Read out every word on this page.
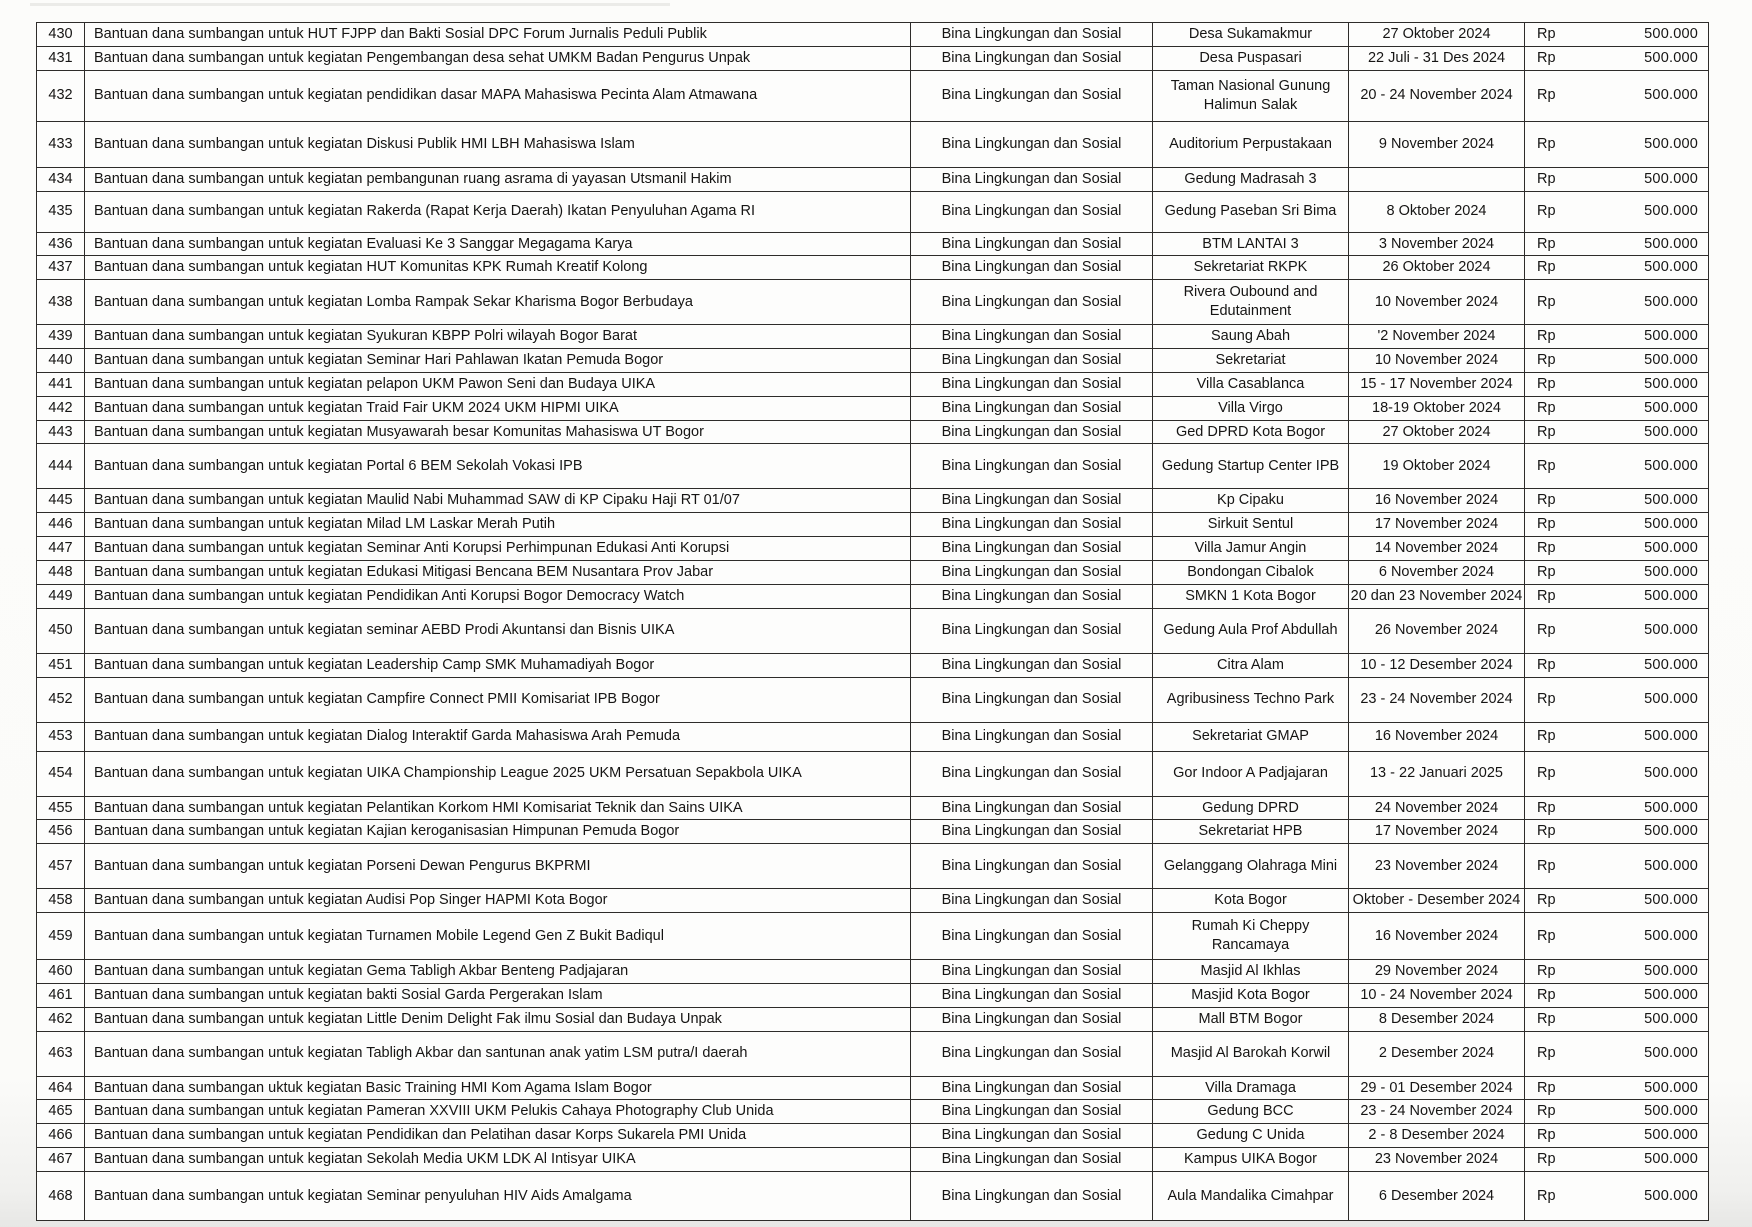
430	Bantuan dana sumbangan untuk HUT FJPP dan Bakti Sosial DPC Forum Jurnalis Peduli Publik	Bina Lingkungan dan Sosial	Desa Sukamakmur	27 Oktober 2024	Rp 500.000

431	Bantuan dana sumbangan untuk kegiatan Pengembangan desa sehat UMKM Badan Pengurus Unpak	Bina Lingkungan dan Sosial	Desa Puspasari	22 Juli - 31 Des 2024	Rp 500.000

432	Bantuan dana sumbangan untuk kegiatan pendidikan dasar MAPA Mahasiswa Pecinta Alam Atmawana	Bina Lingkungan dan Sosial	Taman Nasional Gunung Halimun Salak	20 - 24 November 2024	Rp 500.000

433	Bantuan dana sumbangan untuk kegiatan Diskusi Publik HMI LBH Mahasiswa Islam	Bina Lingkungan dan Sosial	Auditorium Perpustakaan	9 November 2024	Rp 500.000

434	Bantuan dana sumbangan untuk kegiatan pembangunan ruang asrama di yayasan Utsmanil Hakim	Bina Lingkungan dan Sosial	Gedung Madrasah 3		Rp 500.000

435	Bantuan dana sumbangan untuk kegiatan Rakerda (Rapat Kerja Daerah) Ikatan Penyuluhan Agama RI	Bina Lingkungan dan Sosial	Gedung Paseban Sri Bima	8 Oktober 2024	Rp 500.000

436	Bantuan dana sumbangan untuk kegiatan Evaluasi Ke 3 Sanggar Megagama Karya	Bina Lingkungan dan Sosial	BTM LANTAI 3	3 November 2024	Rp 500.000

437	Bantuan dana sumbangan untuk kegiatan HUT Komunitas KPK Rumah Kreatif Kolong	Bina Lingkungan dan Sosial	Sekretariat RKPK	26 Oktober 2024	Rp 500.000

438	Bantuan dana sumbangan untuk kegiatan Lomba Rampak Sekar Kharisma Bogor Berbudaya	Bina Lingkungan dan Sosial	Rivera Oubound and Edutainment	10 November 2024	Rp 500.000

439	Bantuan dana sumbangan untuk kegiatan Syukuran KBPP Polri wilayah Bogor Barat	Bina Lingkungan dan Sosial	Saung Abah	'2 November 2024	Rp 500.000

440	Bantuan dana sumbangan untuk kegiatan Seminar Hari Pahlawan Ikatan Pemuda Bogor	Bina Lingkungan dan Sosial	Sekretariat	10 November 2024	Rp 500.000

441	Bantuan dana sumbangan untuk kegiatan pelapon UKM Pawon Seni dan Budaya UIKA	Bina Lingkungan dan Sosial	Villa Casablanca	15 - 17 November 2024	Rp 500.000

442	Bantuan dana sumbangan untuk kegiatan Traid Fair UKM 2024 UKM HIPMI UIKA	Bina Lingkungan dan Sosial	Villa Virgo	18-19 Oktober 2024	Rp 500.000

443	Bantuan dana sumbangan untuk kegiatan Musyawarah besar Komunitas Mahasiswa UT Bogor	Bina Lingkungan dan Sosial	Ged DPRD Kota Bogor	27 Oktober 2024	Rp 500.000

444	Bantuan dana sumbangan untuk kegiatan Portal 6 BEM Sekolah Vokasi IPB	Bina Lingkungan dan Sosial	Gedung Startup Center IPB	19 Oktober 2024	Rp 500.000

445	Bantuan dana sumbangan untuk kegiatan Maulid Nabi Muhammad SAW di KP Cipaku Haji RT 01/07	Bina Lingkungan dan Sosial	Kp Cipaku	16 November 2024	Rp 500.000

446	Bantuan dana sumbangan untuk kegiatan Milad LM Laskar Merah Putih	Bina Lingkungan dan Sosial	Sirkuit Sentul	17 November 2024	Rp 500.000

447	Bantuan dana sumbangan untuk kegiatan Seminar Anti Korupsi Perhimpunan Edukasi Anti Korupsi	Bina Lingkungan dan Sosial	Villa Jamur Angin	14 November 2024	Rp 500.000

448	Bantuan dana sumbangan untuk kegiatan Edukasi Mitigasi Bencana BEM Nusantara Prov Jabar	Bina Lingkungan dan Sosial	Bondongan Cibalok	6 November 2024	Rp 500.000

449	Bantuan dana sumbangan untuk kegiatan Pendidikan Anti Korupsi Bogor Democracy Watch	Bina Lingkungan dan Sosial	SMKN 1 Kota Bogor	20 dan 23 November 2024	Rp 500.000

450	Bantuan dana sumbangan untuk kegiatan seminar AEBD Prodi Akuntansi dan Bisnis UIKA	Bina Lingkungan dan Sosial	Gedung Aula Prof Abdullah	26 November 2024	Rp 500.000

451	Bantuan dana sumbangan untuk kegiatan Leadership Camp SMK Muhamadiyah Bogor	Bina Lingkungan dan Sosial	Citra Alam	10 - 12 Desember 2024	Rp 500.000

452	Bantuan dana sumbangan untuk kegiatan Campfire Connect PMII Komisariat IPB Bogor	Bina Lingkungan dan Sosial	Agribusiness Techno Park	23 - 24 November 2024	Rp 500.000

453	Bantuan dana sumbangan untuk kegiatan Dialog Interaktif Garda Mahasiswa Arah Pemuda	Bina Lingkungan dan Sosial	Sekretariat GMAP	16 November 2024	Rp 500.000

454	Bantuan dana sumbangan untuk kegiatan UIKA Championship League 2025 UKM Persatuan Sepakbola UIKA	Bina Lingkungan dan Sosial	Gor Indoor A Padjajaran	13 - 22 Januari 2025	Rp 500.000

455	Bantuan dana sumbangan untuk kegiatan Pelantikan Korkom HMI Komisariat Teknik dan Sains UIKA	Bina Lingkungan dan Sosial	Gedung DPRD	24 November 2024	Rp 500.000

456	Bantuan dana sumbangan untuk kegiatan Kajian keroganisasian Himpunan Pemuda Bogor	Bina Lingkungan dan Sosial	Sekretariat HPB	17 November 2024	Rp 500.000

457	Bantuan dana sumbangan untuk kegiatan Porseni Dewan Pengurus BKPRMI	Bina Lingkungan dan Sosial	Gelanggang Olahraga Mini	23 November 2024	Rp 500.000

458	Bantuan dana sumbangan untuk kegiatan Audisi Pop Singer HAPMI Kota Bogor	Bina Lingkungan dan Sosial	Kota Bogor	Oktober - Desember 2024	Rp 500.000

459	Bantuan dana sumbangan untuk kegiatan Turnamen Mobile Legend Gen Z Bukit Badiqul	Bina Lingkungan dan Sosial	Rumah Ki Cheppy Rancamaya	16 November 2024	Rp 500.000

460	Bantuan dana sumbangan untuk kegiatan Gema Tabligh Akbar Benteng Padjajaran	Bina Lingkungan dan Sosial	Masjid Al Ikhlas	29 November 2024	Rp 500.000

461	Bantuan dana sumbangan untuk kegiatan bakti Sosial Garda Pergerakan Islam	Bina Lingkungan dan Sosial	Masjid Kota Bogor	10 - 24 November 2024	Rp 500.000

462	Bantuan dana sumbangan untuk kegiatan Little Denim Delight Fak ilmu Sosial dan Budaya Unpak	Bina Lingkungan dan Sosial	Mall BTM Bogor	8 Desember 2024	Rp 500.000

463	Bantuan dana sumbangan untuk kegiatan Tabligh Akbar dan santunan anak yatim LSM putra/I daerah	Bina Lingkungan dan Sosial	Masjid Al Barokah Korwil	2 Desember 2024	Rp 500.000

464	Bantuan dana sumbangan uktuk kegiatan Basic Training HMI Kom Agama Islam Bogor	Bina Lingkungan dan Sosial	Villa Dramaga	29 - 01 Desember 2024	Rp 500.000

465	Bantuan dana sumbangan untuk kegiatan Pameran XXVIII UKM Pelukis Cahaya Photography Club Unida	Bina Lingkungan dan Sosial	Gedung BCC	23 - 24 November 2024	Rp 500.000

466	Bantuan dana sumbangan untuk kegiatan Pendidikan dan Pelatihan dasar Korps Sukarela PMI Unida	Bina Lingkungan dan Sosial	Gedung C Unida	2 - 8 Desember 2024	Rp 500.000

467	Bantuan dana sumbangan untuk kegiatan Sekolah Media UKM LDK Al Intisyar UIKA	Bina Lingkungan dan Sosial	Kampus UIKA Bogor	23 November 2024	Rp 500.000

468	Bantuan dana sumbangan untuk kegiatan Seminar penyuluhan HIV Aids Amalgama	Bina Lingkungan dan Sosial	Aula Mandalika Cimahpar	6 Desember 2024	Rp 500.000
